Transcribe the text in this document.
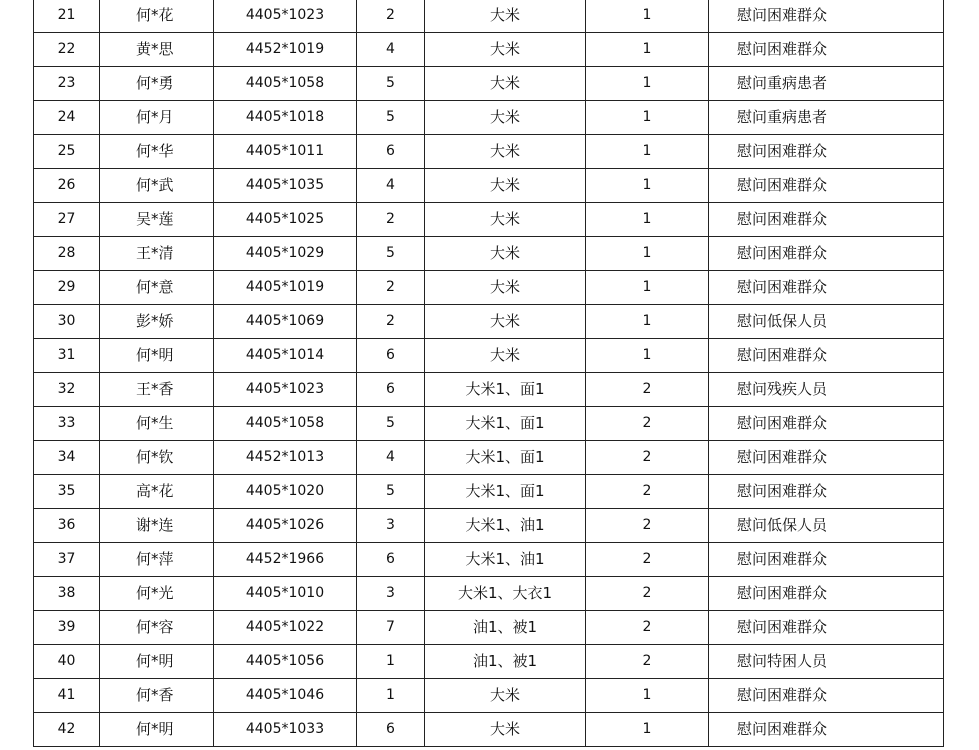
21	何*花	4405*1023	2	大米	1	慰问困难群众
22	黄*思	4452*1019	4	大米	1	慰问困难群众
23	何*勇	4405*1058	5	大米	1	慰问重病患者
24	何*月	4405*1018	5	大米	1	慰问重病患者
25	何*华	4405*1011	6	大米	1	慰问困难群众
26	何*武	4405*1035	4	大米	1	慰问困难群众
27	吴*莲	4405*1025	2	大米	1	慰问困难群众
28	王*清	4405*1029	5	大米	1	慰问困难群众
29	何*意	4405*1019	2	大米	1	慰问困难群众
30	彭*娇	4405*1069	2	大米	1	慰问低保人员
31	何*明	4405*1014	6	大米	1	慰问困难群众
32	王*香	4405*1023	6	大米1、面1	2	慰问残疾人员
33	何*生	4405*1058	5	大米1、面1	2	慰问困难群众
34	何*钦	4452*1013	4	大米1、面1	2	慰问困难群众
35	高*花	4405*1020	5	大米1、面1	2	慰问困难群众
36	谢*连	4405*1026	3	大米1、油1	2	慰问低保人员
37	何*萍	4452*1966	6	大米1、油1	2	慰问困难群众
38	何*光	4405*1010	3	大米1、大衣1	2	慰问困难群众
39	何*容	4405*1022	7	油1、被1	2	慰问困难群众
40	何*明	4405*1056	1	油1、被1	2	慰问特困人员
41	何*香	4405*1046	1	大米	1	慰问困难群众
42	何*明	4405*1033	6	大米	1	慰问困难群众
